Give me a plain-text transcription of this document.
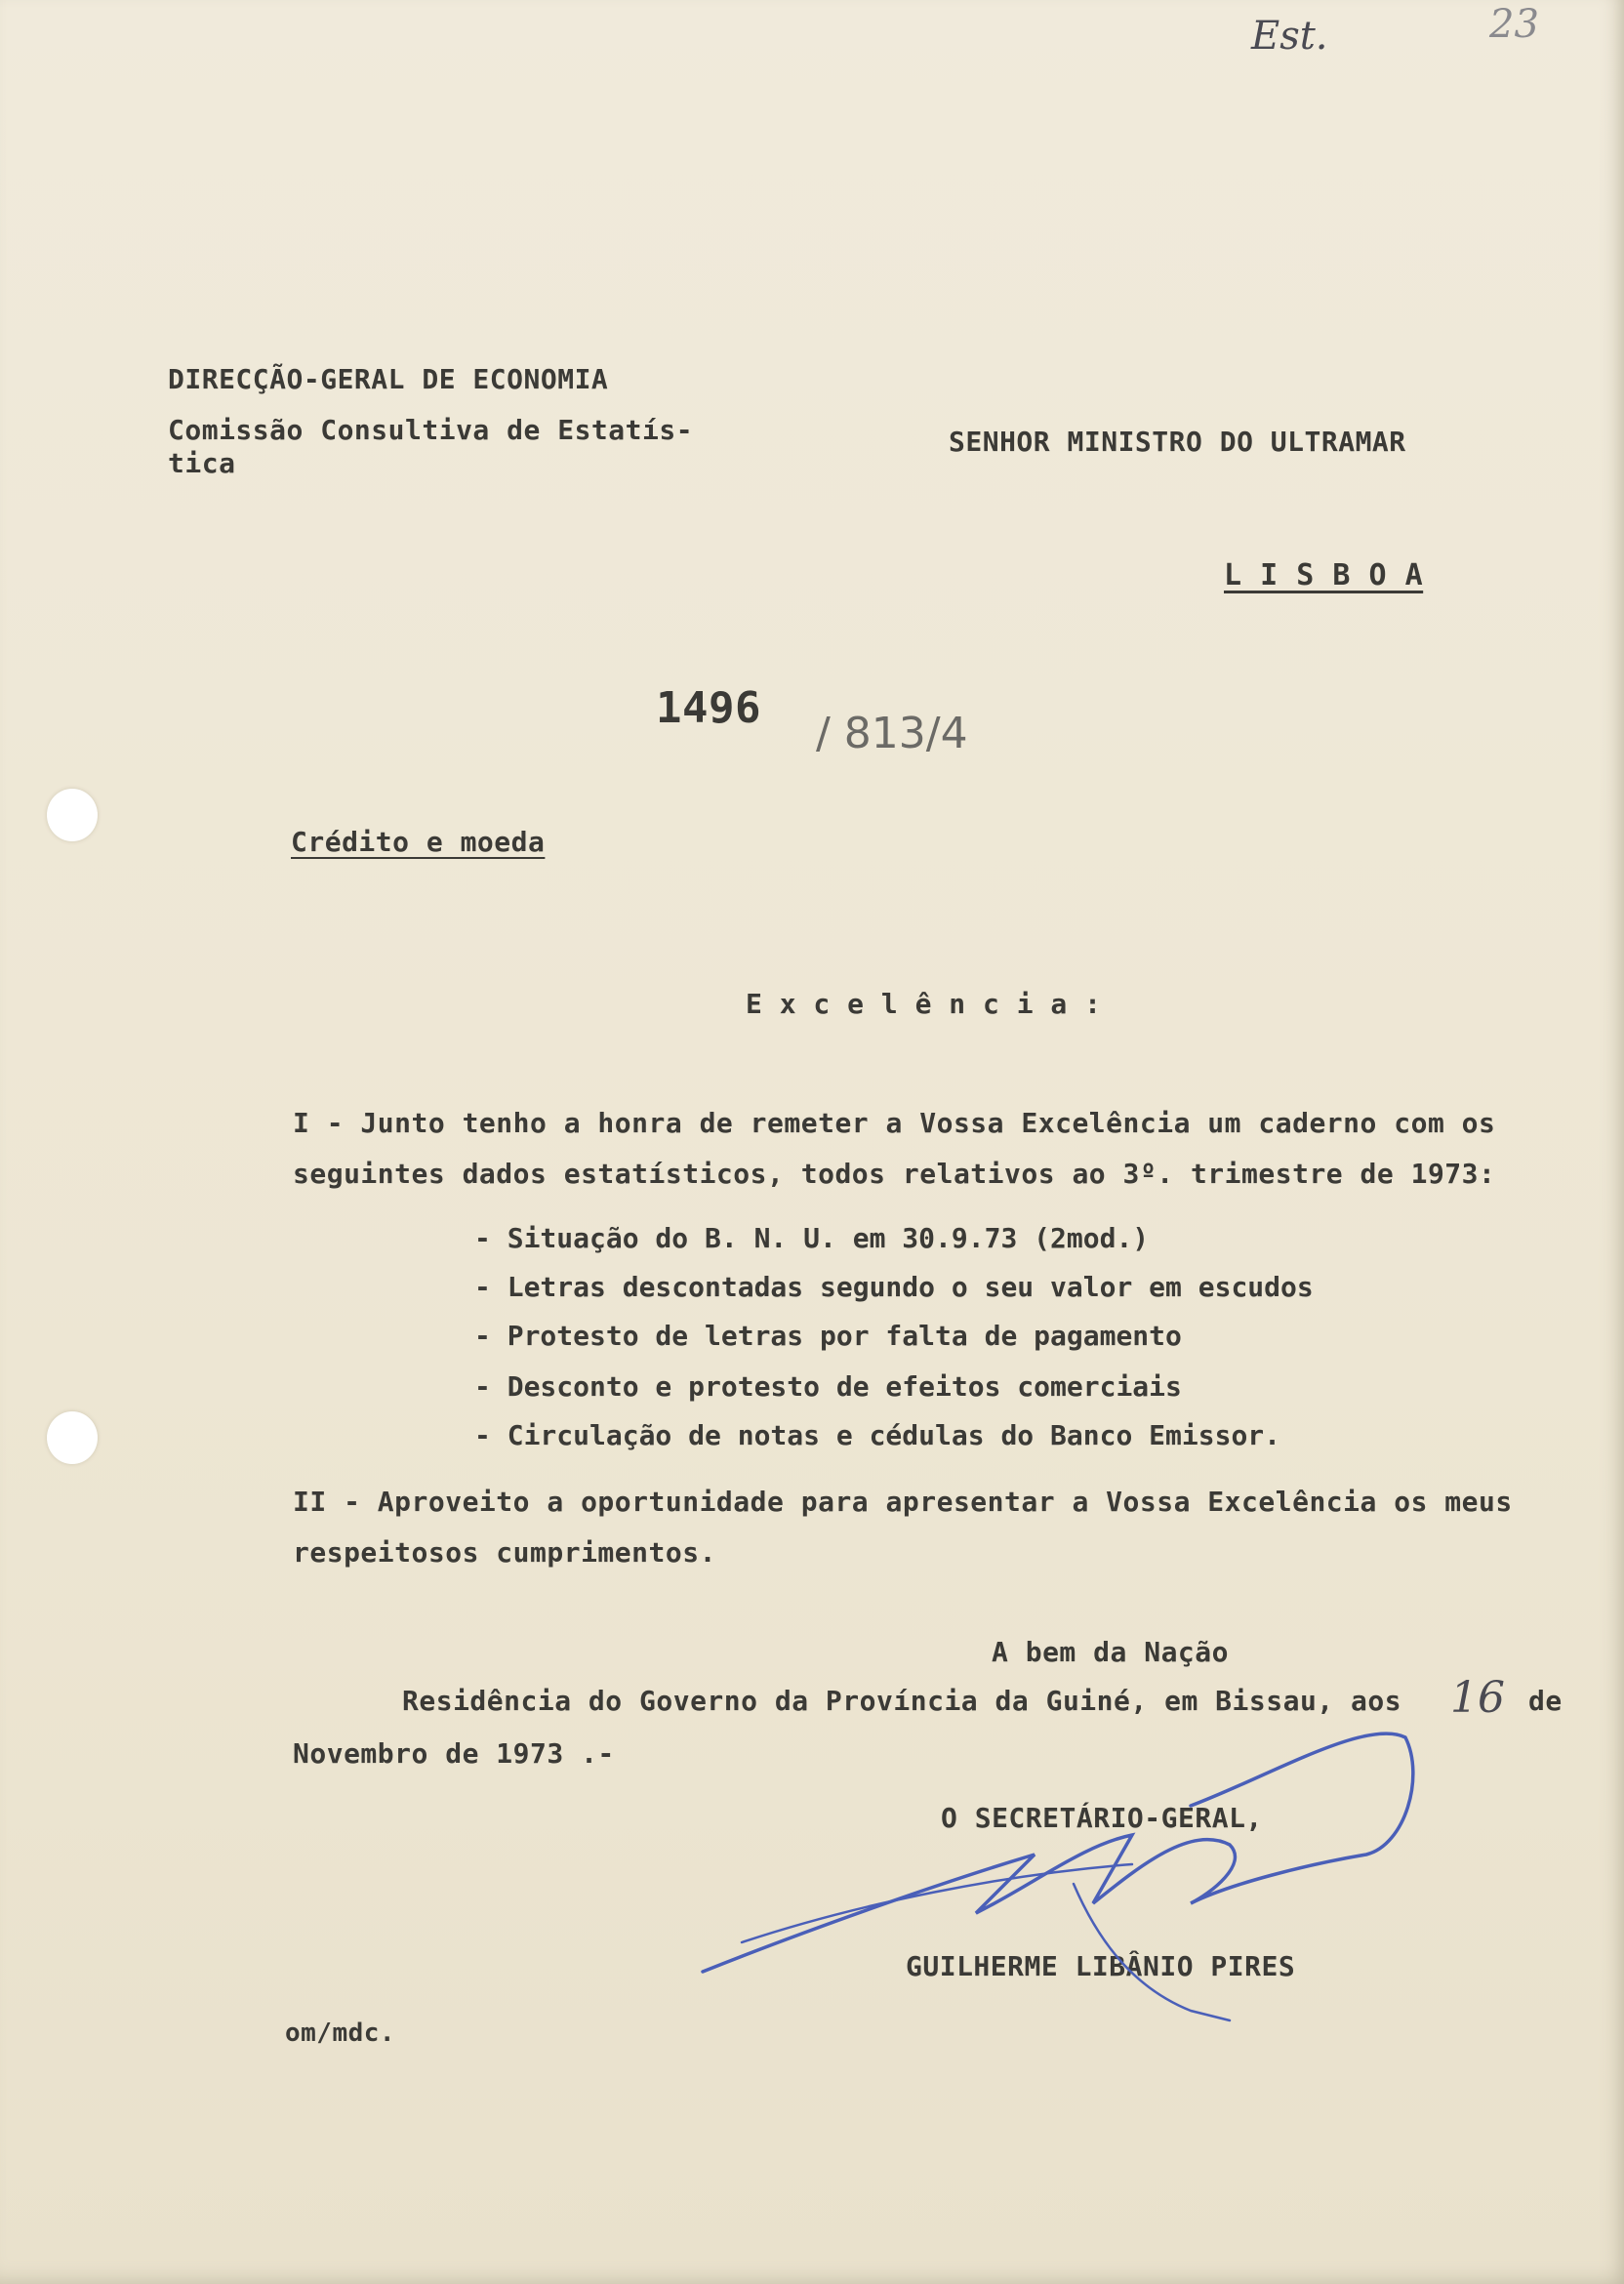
Est.	23
DIRECÇÃO-GERAL DE ECONOMIA
Comissão Consultiva de Estatís-
tica
SENHOR MINISTRO DO ULTRAMAR
L I S B O A
1496
/ 813/4
Crédito e moeda
E x c e l ê n c i a :
I - Junto tenho a honra de remeter a Vossa Excelência um caderno com os
seguintes dados estatísticos, todos relativos ao 3º. trimestre de 1973:
- Situação do B. N. U. em 30.9.73 (2mod.)
- Letras descontadas segundo o seu valor em escudos
- Protesto de letras por falta de pagamento
- Desconto e protesto de efeitos comerciais
- Circulação de notas e cédulas do Banco Emissor.
II - Aproveito a oportunidade para apresentar a Vossa Excelência os meus
respeitosos cumprimentos.
A bem da Nação
Residência do Governo da Província da Guiné, em Bissau, aos 16 de
Novembro de 1973 .-
O SECRETÁRIO-GERAL,
GUILHERME LIBÂNIO PIRES
om/mdc.
